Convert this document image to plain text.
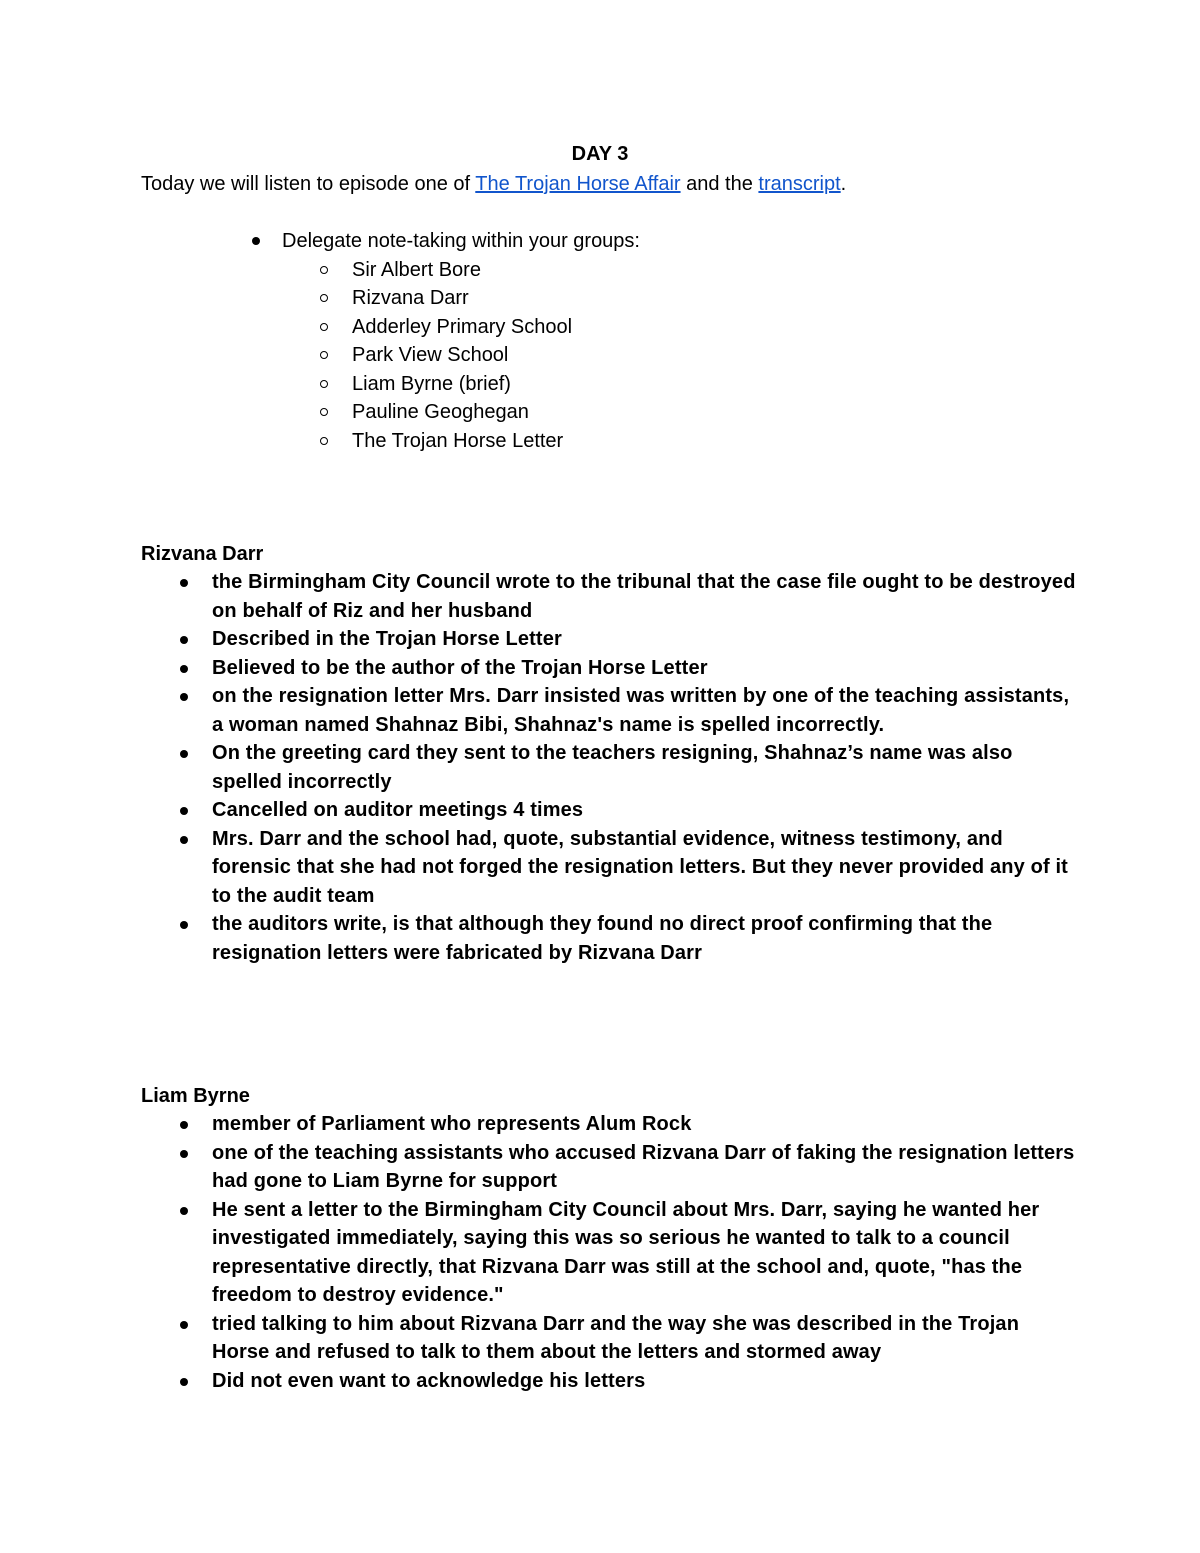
DAY 3
Today we will listen to episode one of The Trojan Horse Affair and the transcript.
Delegate note-taking within your groups:
Sir Albert Bore
Rizvana Darr
Adderley Primary School
Park View School
Liam Byrne (brief)
Pauline Geoghegan
The Trojan Horse Letter
Rizvana Darr
the Birmingham City Council wrote to the tribunal that the case file ought to be destroyed on behalf of Riz and her husband
Described in the Trojan Horse Letter
Believed to be the author of the Trojan Horse Letter
on the resignation letter Mrs. Darr insisted was written by one of the teaching assistants, a woman named Shahnaz Bibi, Shahnaz's name is spelled incorrectly.
On the greeting card they sent to the teachers resigning, Shahnaz’s name was also spelled incorrectly
Cancelled on auditor meetings 4 times
Mrs. Darr and the school had, quote, substantial evidence, witness testimony, and forensic that she had not forged the resignation letters. But they never provided any of it to the audit team
the auditors write, is that although they found no direct proof confirming that the resignation letters were fabricated by Rizvana Darr
Liam Byrne
member of Parliament who represents Alum Rock
one of the teaching assistants who accused Rizvana Darr of faking the resignation letters had gone to Liam Byrne for support
He sent a letter to the Birmingham City Council about Mrs. Darr, saying he wanted her investigated immediately, saying this was so serious he wanted to talk to a council representative directly, that Rizvana Darr was still at the school and, quote, "has the freedom to destroy evidence."
tried talking to him about Rizvana Darr and the way she was described in the Trojan Horse and refused to talk to them about the letters and stormed away
Did not even want to acknowledge his letters
